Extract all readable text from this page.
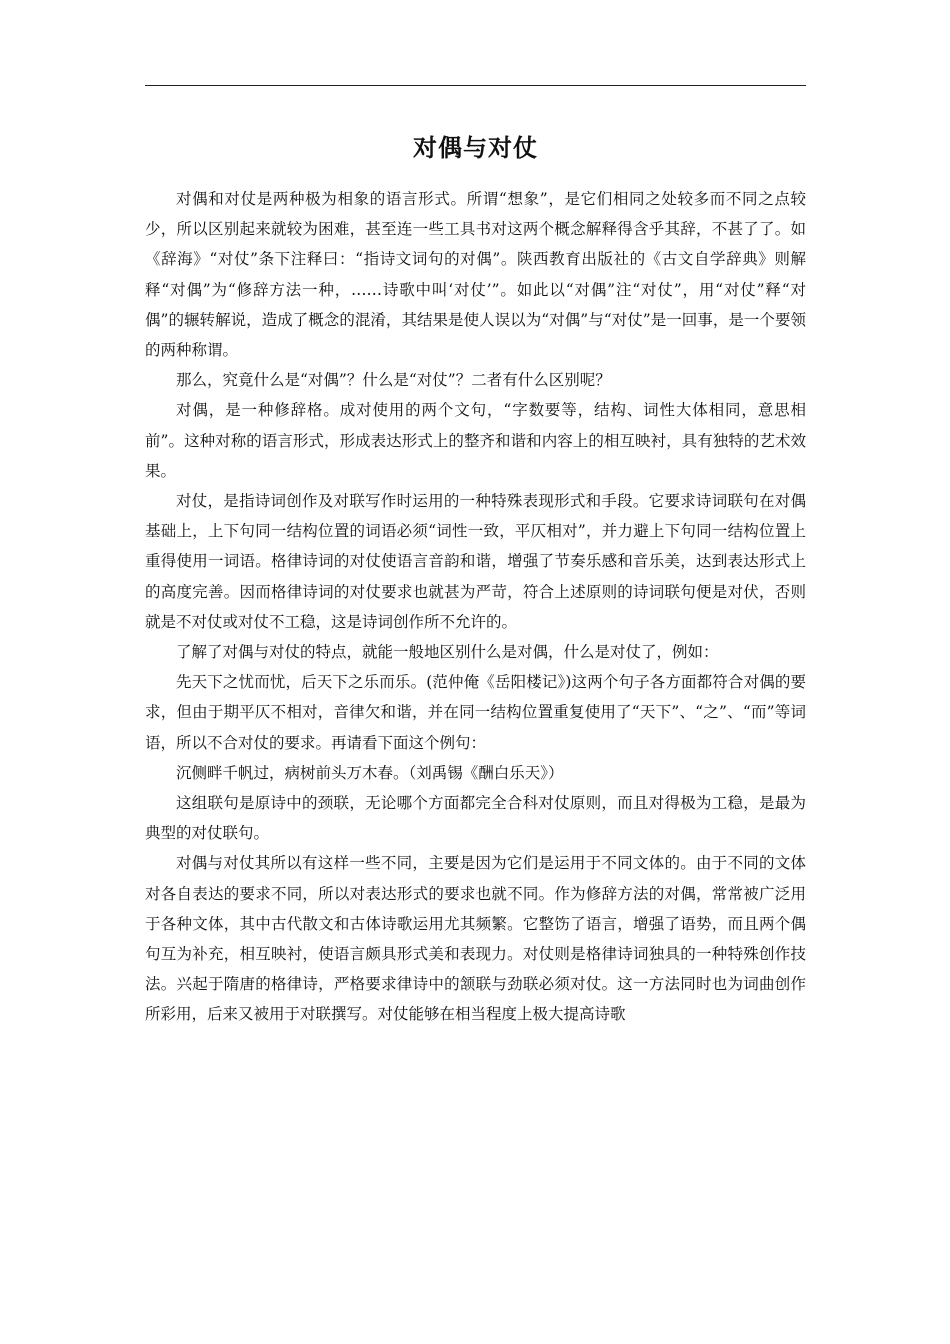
对偶与对仗

对偶和对仗是两种极为相象的语言形式。所谓“想象”，是它们相同之处较多而不同之点较少，所以区别起来就较为困难，甚至连一些工具书对这两个概念解释得含乎其辞，不甚了了。如《辞海》“对仗”条下注释曰：“指诗文词句的对偶”。陕西教育出版社的《古文自学辞典》则解释“对偶”为“修辞方法一种，……诗歌中叫‘对仗’”。如此以“对偶”注“对仗”，用“对仗”释“对偶”的辗转解说，造成了概念的混淆，其结果是使人误以为“对偶”与“对仗”是一回事，是一个要领的两种称谓。

那么，究竟什么是“对偶”？什么是“对仗”？二者有什么区别呢？

对偶，是一种修辞格。成对使用的两个文句，“字数要等，结构、词性大体相同，意思相前”。这种对称的语言形式，形成表达形式上的整齐和谐和内容上的相互映衬，具有独特的艺术效果。

对仗，是指诗词创作及对联写作时运用的一种特殊表现形式和手段。它要求诗词联句在对偶基础上，上下句同一结构位置的词语必须“词性一致，平仄相对”，并力避上下句同一结构位置上重得使用一词语。格律诗词的对仗使语言音韵和谐，增强了节奏乐感和音乐美，达到表达形式上的高度完善。因而格律诗词的对仗要求也就甚为严苛，符合上述原则的诗词联句便是对伏，否则就是不对仗或对仗不工稳，这是诗词创作所不允许的。

了解了对偶与对仗的特点，就能一般地区别什么是对偶，什么是对仗了，例如：

先天下之忧而忧，后天下之乐而乐。(范仲俺《岳阳楼记》)这两个句子各方面都符合对偶的要求，但由于期平仄不相对，音律欠和谐，并在同一结构位置重复使用了“天下”、“之”、“而”等词语，所以不合对仗的要求。再请看下面这个例句：

沉侧畔千帆过，病树前头万木春。（刘禹锡《酬白乐天》）

这组联句是原诗中的颈联，无论哪个方面都完全合科对仗原则，而且对得极为工稳，是最为典型的对仗联句。

对偶与对仗其所以有这样一些不同，主要是因为它们是运用于不同文体的。由于不同的文体对各自表达的要求不同，所以对表达形式的要求也就不同。作为修辞方法的对偶，常常被广泛用于各种文体，其中古代散文和古体诗歌运用尤其频繁。它整饬了语言，增强了语势，而且两个偶句互为补充，相互映衬，使语言颇具形式美和表现力。对仗则是格律诗词独具的一种特殊创作技法。兴起于隋唐的格律诗，严格要求律诗中的颔联与劲联必须对仗。这一方法同时也为词曲创作所彩用，后来又被用于对联撰写。对仗能够在相当程度上极大提高诗歌
